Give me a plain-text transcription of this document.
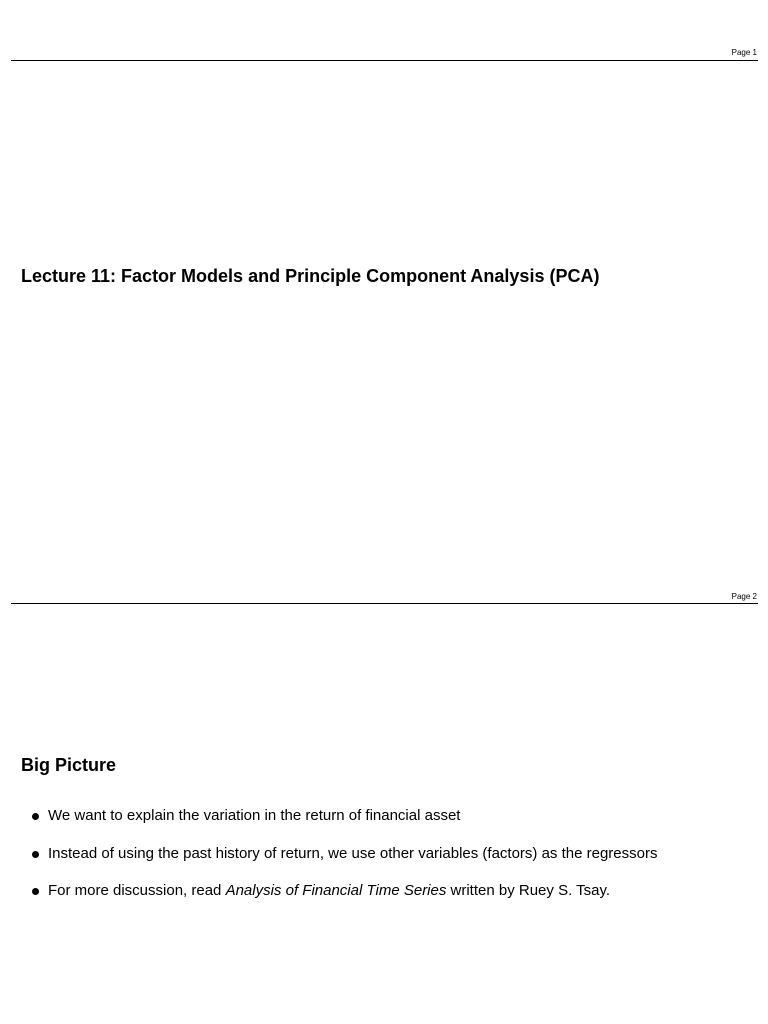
Page 1
Lecture 11: Factor Models and Principle Component Analysis (PCA)
Page 2
Big Picture
We want to explain the variation in the return of financial asset
Instead of using the past history of return, we use other variables (factors) as the regressors
For more discussion, read Analysis of Financial Time Series written by Ruey S. Tsay.
